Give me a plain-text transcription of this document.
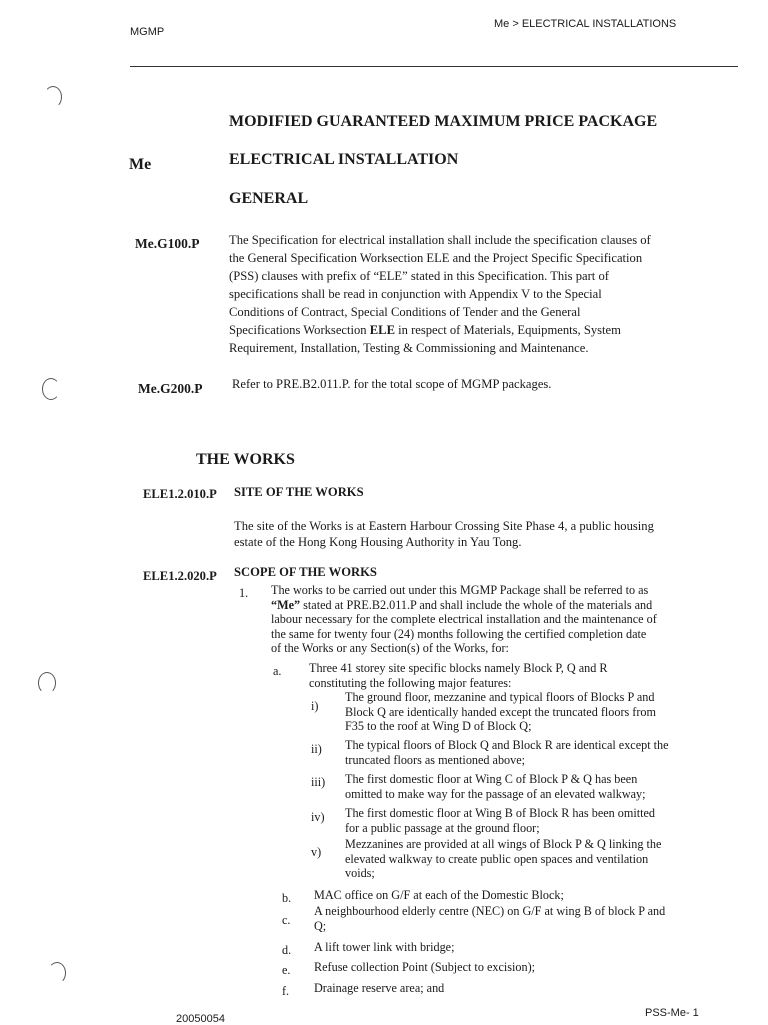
MGMP
Me > ELECTRICAL INSTALLATIONS
MODIFIED GUARANTEED MAXIMUM PRICE PACKAGE
Me	ELECTRICAL INSTALLATION
GENERAL
Me.G100.P The Specification for electrical installation shall include the specification clauses of
the General Specification Worksection ELE and the Project Specific Specification
(PSS) clauses with prefix of “ELE” stated in this Specification. This part of
specifications shall be read in conjunction with Appendix V to the Special
Conditions of Contract, Special Conditions of Tender and the General
Specifications Worksection ELE in respect of Materials, Equipments, System
Requirement, Installation, Testing & Commissioning and Maintenance.
Me.G200.P Refer to PRE.B2.011.P. for the total scope of MGMP packages.
THE WORKS
ELE1.2.010.P SITE OF THE WORKS
The site of the Works is at Eastern Harbour Crossing Site Phase 4, a public housing
estate of the Hong Kong Housing Authority in Yau Tong.
ELE1.2.020.P SCOPE OF THE WORKS
1. The works to be carried out under this MGMP Package shall be referred to as
“Me” stated at PRE.B2.011.P and shall include the whole of the materials and
labour necessary for the complete electrical installation and the maintenance of
the same for twenty four (24) months following the certified completion date
of the Works or any Section(s) of the Works, for:
a. Three 41 storey site specific blocks namely Block P, Q and R
constituting the following major features:
i)
The ground floor, mezzanine and typical floors of Blocks P and
Block Q are identically handed except the truncated floors from
F35 to the roof at Wing D of Block Q;
ii) The typical floors of Block Q and Block R are identical except the
truncated floors as mentioned above;
iii) The first domestic floor at Wing C of Block P & Q has been
omitted to make way for the passage of an elevated walkway;
iv) The first domestic floor at Wing B of Block R has been omitted
for a public passage at the ground floor;
v)
Mezzanines are provided at all wings of Block P & Q linking the
elevated walkway to create public open spaces and ventilation
voids;
b. MAC office on G/F at each of the Domestic Block;
c.
A neighbourhood elderly centre (NEC) on G/F at wing B of block P and
Q;
d. A lift tower link with bridge;
e. Refuse collection Point (Subject to excision);
f. Drainage reserve area; and
20050054	PSS-Me- 1
